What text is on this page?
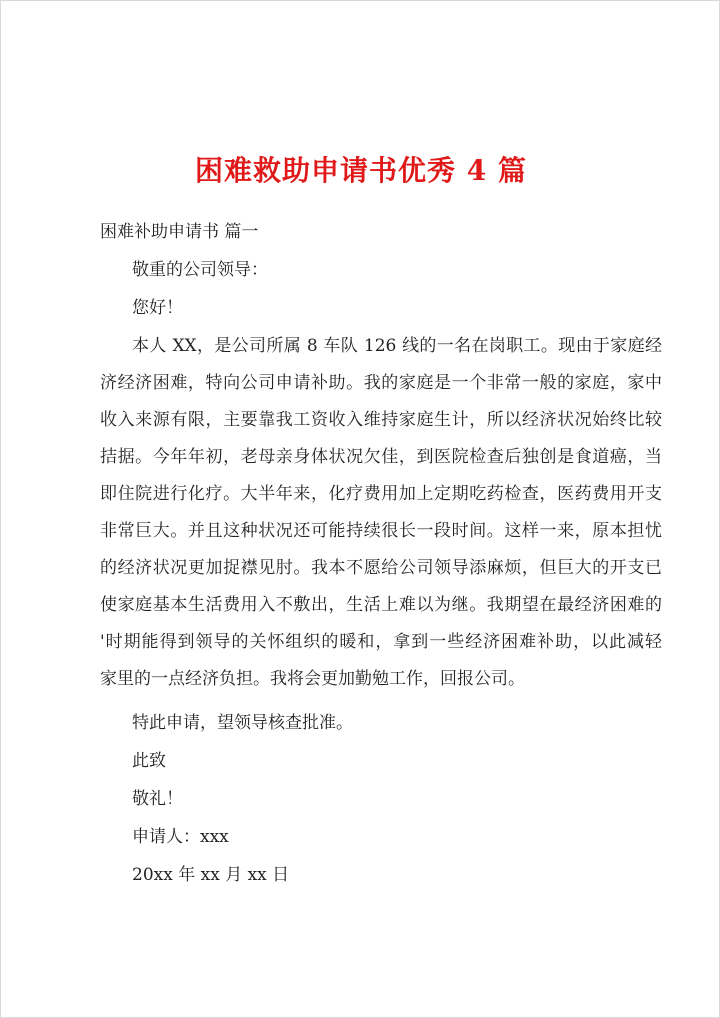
困难救助申请书优秀 4 篇
困难补助申请书 篇一
敬重的公司领导：
您好！
本人 XX，是公司所属 8 车队 126 线的一名在岗职工。现由于家庭经
济经济困难，特向公司申请补助。我的家庭是一个非常一般的家庭，家中
收入来源有限，主要靠我工资收入维持家庭生计，所以经济状况始终比较
拮据。今年年初，老母亲身体状况欠佳，到医院检查后独创是食道癌，当
即住院进行化疗。大半年来，化疗费用加上定期吃药检查，医药费用开支
非常巨大。并且这种状况还可能持续很长一段时间。这样一来，原本担忧
的经济状况更加捉襟见肘。我本不愿给公司领导添麻烦，但巨大的开支已
使家庭基本生活费用入不敷出，生活上难以为继。我期望在最经济困难的
'时期能得到领导的关怀组织的暖和，拿到一些经济困难补助，以此减轻
家里的一点经济负担。我将会更加勤勉工作，回报公司。
特此申请，望领导核查批准。
此致
敬礼！
申请人：xxx
20xx 年 xx 月 xx 日
